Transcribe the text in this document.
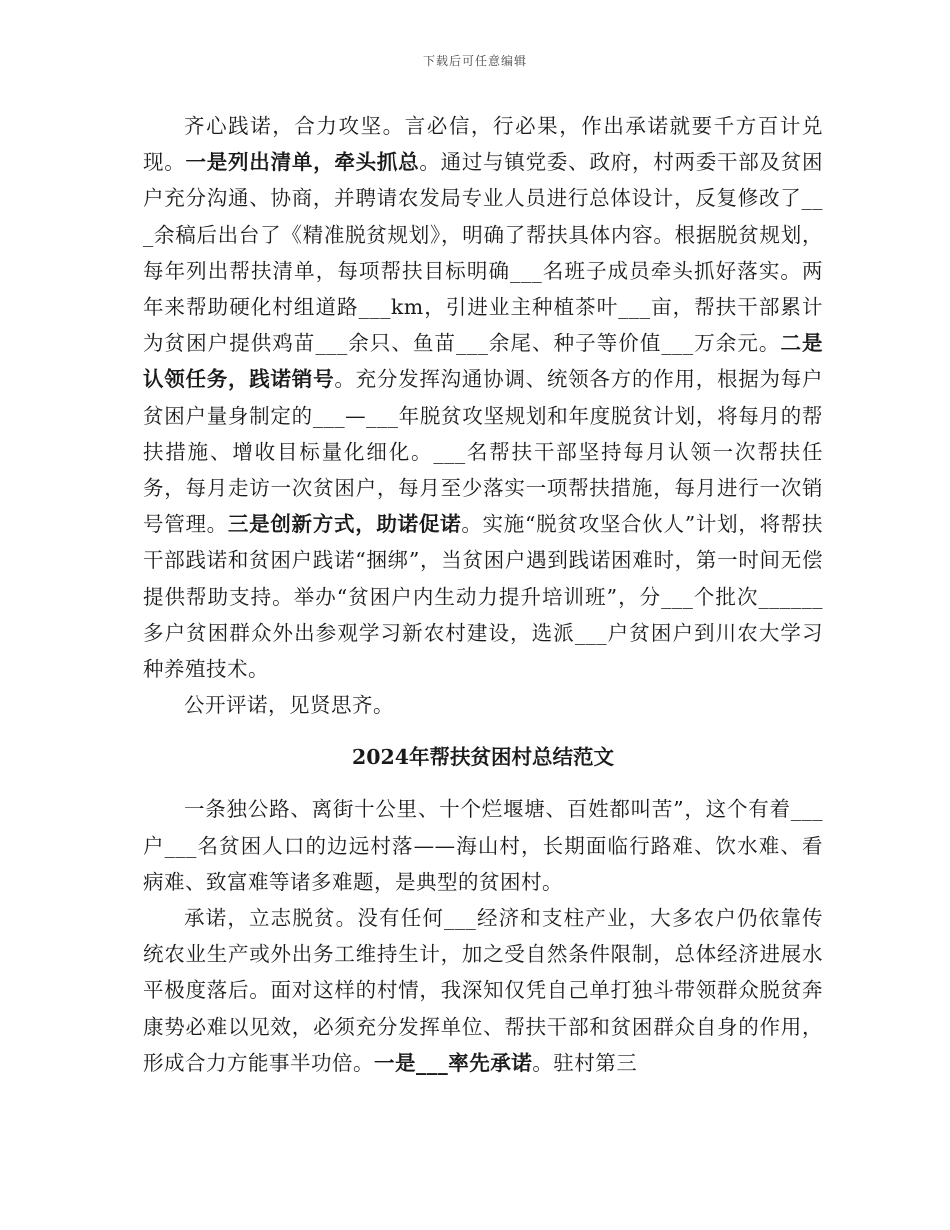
下载后可任意编辑

齐心践诺，合力攻坚。言必信，行必果，作出承诺就要千方百计兑现。一是列出清单，牵头抓总。通过与镇党委、政府，村两委干部及贫困户充分沟通、协商，并聘请农发局专业人员进行总体设计，反复修改了___余稿后出台了《精准脱贫规划》，明确了帮扶具体内容。根据脱贫规划，每年列出帮扶清单，每项帮扶目标明确___名班子成员牵头抓好落实。两年来帮助硬化村组道路___km，引进业主种植茶叶___亩，帮扶干部累计为贫困户提供鸡苗___余只、鱼苗___余尾、种子等价值___万余元。二是认领任务，践诺销号。充分发挥沟通协调、统领各方的作用，根据为每户贫困户量身制定的___—___年脱贫攻坚规划和年度脱贫计划，将每月的帮扶措施、增收目标量化细化。___名帮扶干部坚持每月认领一次帮扶任务，每月走访一次贫困户，每月至少落实一项帮扶措施，每月进行一次销号管理。三是创新方式，助诺促诺。实施“脱贫攻坚合伙人”计划，将帮扶干部践诺和贫困户践诺“捆绑”，当贫困户遇到践诺困难时，第一时间无偿提供帮助支持。举办“贫困户内生动力提升培训班”，分___个批次______多户贫困群众外出参观学习新农村建设，选派___户贫困户到川农大学习种养殖技术。

公开评诺，见贤思齐。

2024年帮扶贫困村总结范文

一条独公路、离街十公里、十个烂堰塘、百姓都叫苦”，这个有着___户___名贫困人口的边远村落——海山村，长期面临行路难、饮水难、看病难、致富难等诸多难题，是典型的贫困村。

承诺，立志脱贫。没有任何___经济和支柱产业，大多农户仍依靠传统农业生产或外出务工维持生计，加之受自然条件限制，总体经济进展水平极度落后。面对这样的村情，我深知仅凭自己单打独斗带领群众脱贫奔康势必难以见效，必须充分发挥单位、帮扶干部和贫困群众自身的作用，形成合力方能事半功倍。一是___率先承诺。驻村第三
